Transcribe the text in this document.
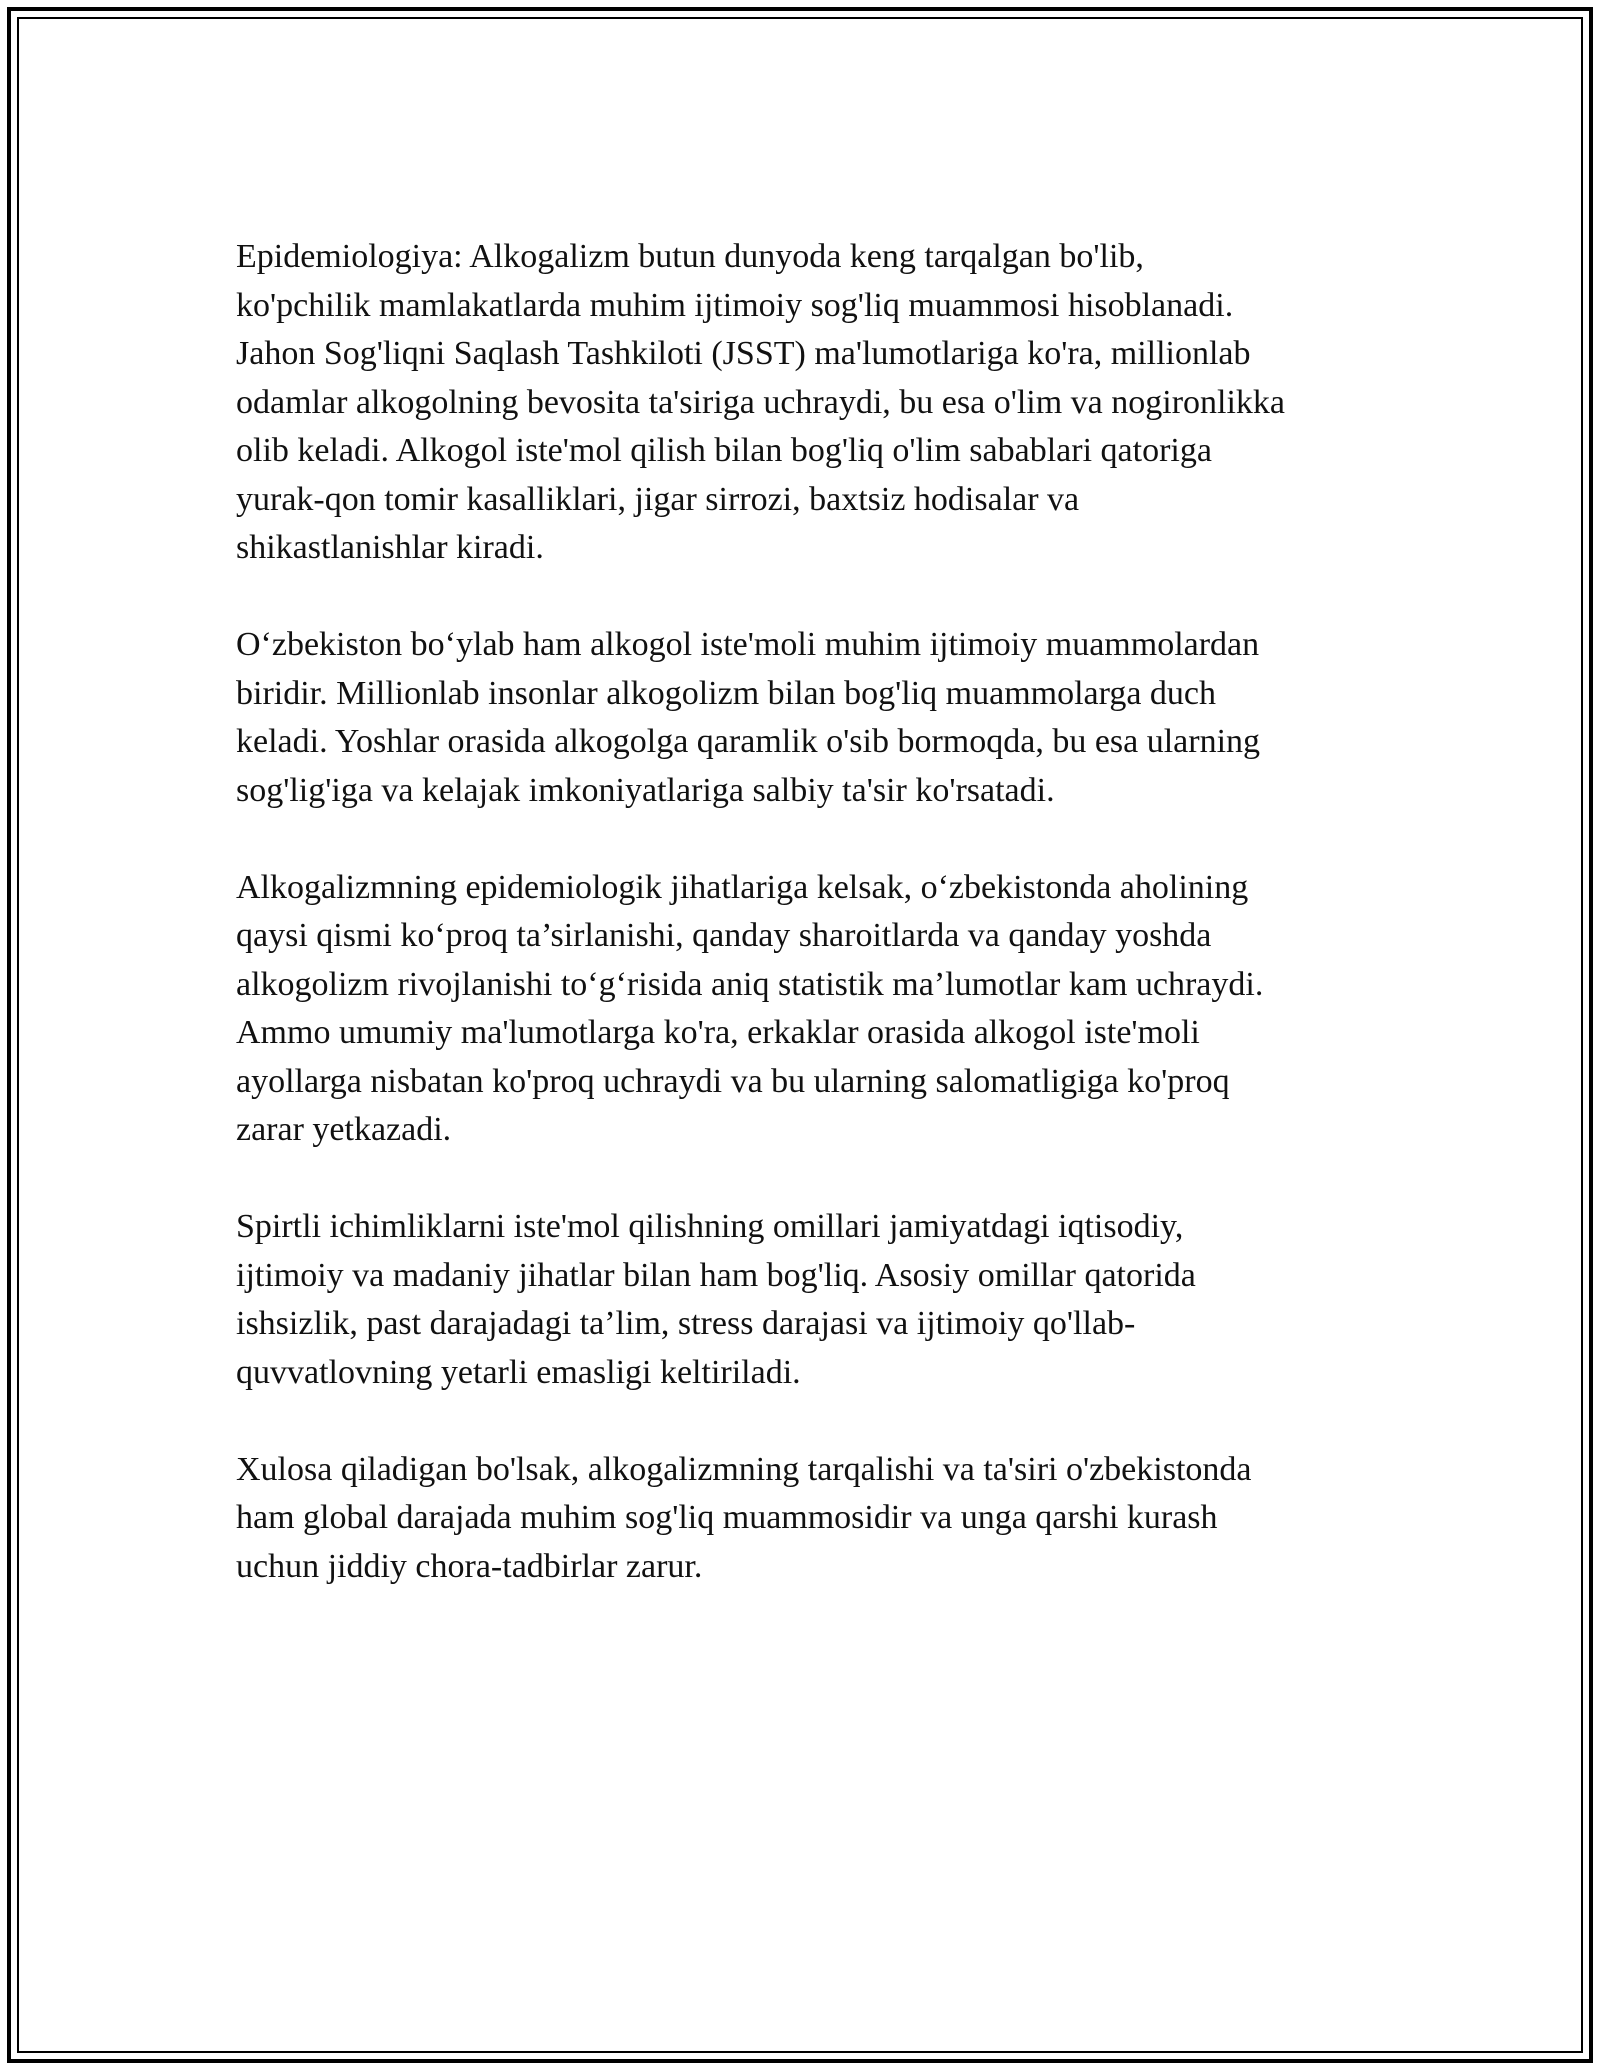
Epidemiologiya: Alkogalizm butun dunyoda keng tarqalgan bo'lib,
ko'pchilik mamlakatlarda muhim ijtimoiy sog'liq muammosi hisoblanadi.
Jahon Sog'liqni Saqlash Tashkiloti (JSST) ma'lumotlariga ko'ra, millionlab
odamlar alkogolning bevosita ta'siriga uchraydi, bu esa o'lim va nogironlikka
olib keladi. Alkogol iste'mol qilish bilan bog'liq o'lim sabablari qatoriga
yurak-qon tomir kasalliklari, jigar sirrozi, baxtsiz hodisalar va
shikastlanishlar kiradi.

O‘zbekiston bo‘ylab ham alkogol iste'moli muhim ijtimoiy muammolardan
biridir. Millionlab insonlar alkogolizm bilan bog'liq muammolarga duch
keladi. Yoshlar orasida alkogolga qaramlik o'sib bormoqda, bu esa ularning
sog'lig'iga va kelajak imkoniyatlariga salbiy ta'sir ko'rsatadi.

Alkogalizmning epidemiologik jihatlariga kelsak, o‘zbekistonda aholining
qaysi qismi ko‘proq ta’sirlanishi, qanday sharoitlarda va qanday yoshda
alkogolizm rivojlanishi to‘g‘risida aniq statistik ma’lumotlar kam uchraydi.
Ammo umumiy ma'lumotlarga ko'ra, erkaklar orasida alkogol iste'moli
ayollarga nisbatan ko'proq uchraydi va bu ularning salomatligiga ko'proq
zarar yetkazadi.

Spirtli ichimliklarni iste'mol qilishning omillari jamiyatdagi iqtisodiy,
ijtimoiy va madaniy jihatlar bilan ham bog'liq. Asosiy omillar qatorida
ishsizlik, past darajadagi ta’lim, stress darajasi va ijtimoiy qo'llab-
quvvatlovning yetarli emasligi keltiriladi.

Xulosa qiladigan bo'lsak, alkogalizmning tarqalishi va ta'siri o'zbekistonda
ham global darajada muhim sog'liq muammosidir va unga qarshi kurash
uchun jiddiy chora-tadbirlar zarur.
